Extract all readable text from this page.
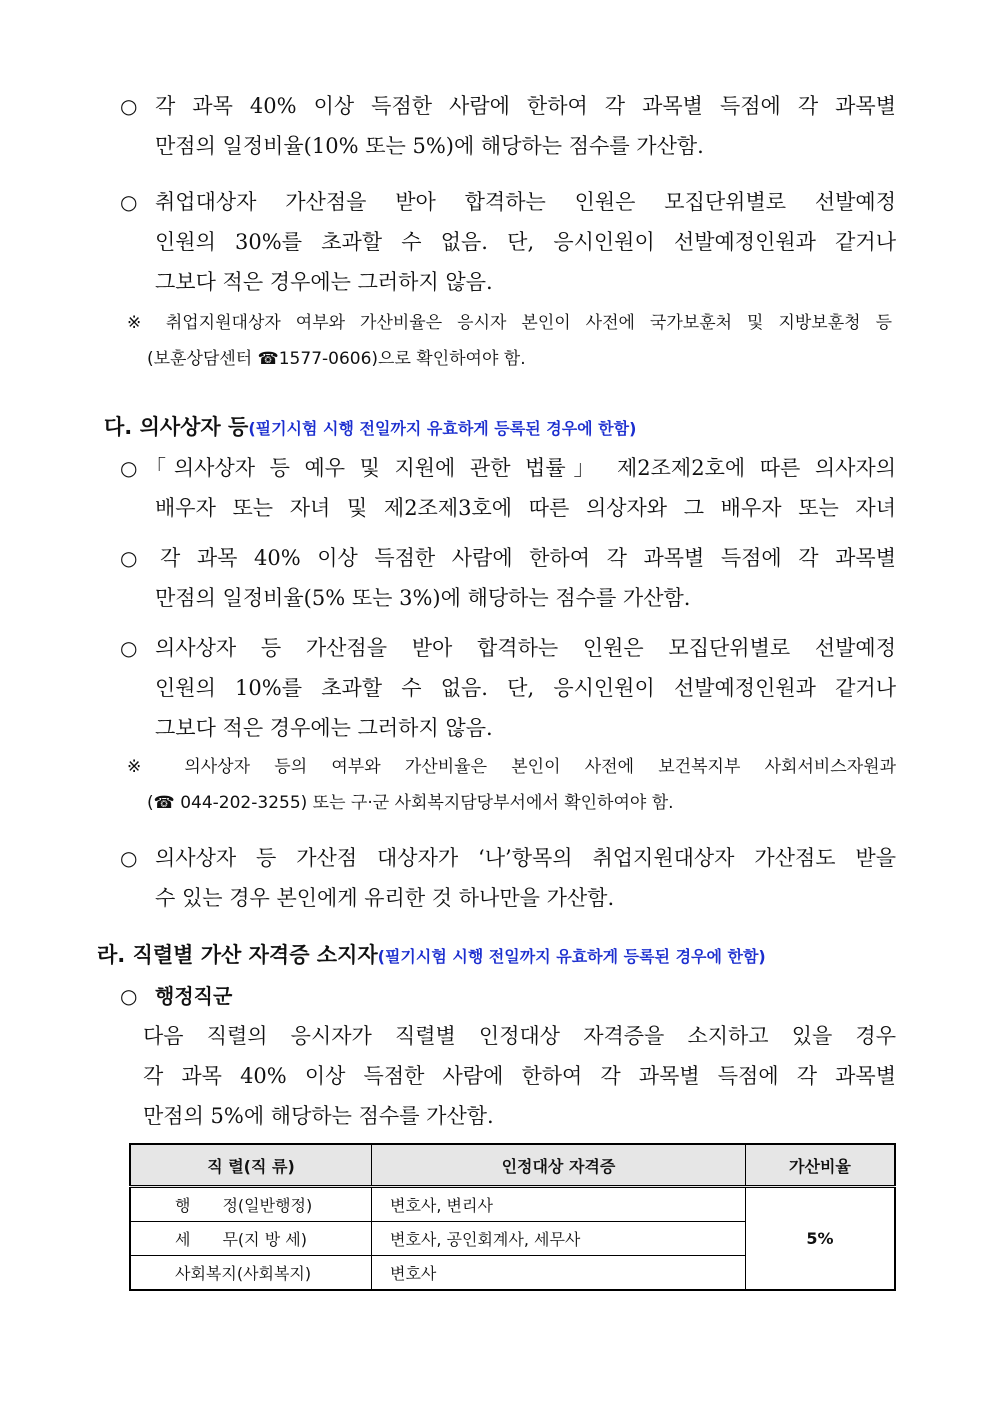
○ 각 과목 40% 이상 득점한 사람에 한하여 각 과목별 득점에 각 과목별
만점의 일정비율(10% 또는 5%)에 해당하는 점수를 가산함.
○ 취업대상자 가산점을 받아 합격하는 인원은 모집단위별로 선발예정
인원의 30%를 초과할 수 없음. 단, 응시인원이 선발예정인원과 같거나
그보다 적은 경우에는 그러하지 않음.
※ 취업지원대상자 여부와 가산비율은 응시자 본인이 사전에 국가보훈처 및 지방보훈청 등
(보훈상담센터 ☎1577-0606)으로 확인하여야 함.
다. 의사상자 등(필기시험 시행 전일까지 유효하게 등록된 경우에 한함)
○ 「의사상자 등 예우 및 지원에 관한 법률」 제2조제2호에 따른 의사자의
배우자 또는 자녀 및 제2조제3호에 따른 의상자와 그 배우자 또는 자녀
○ 각 과목 40% 이상 득점한 사람에 한하여 각 과목별 득점에 각 과목별
만점의 일정비율(5% 또는 3%)에 해당하는 점수를 가산함.
○ 의사상자 등 가산점을 받아 합격하는 인원은 모집단위별로 선발예정
인원의 10%를 초과할 수 없음. 단, 응시인원이 선발예정인원과 같거나
그보다 적은 경우에는 그러하지 않음.
※ 의사상자 등의 여부와 가산비율은 본인이 사전에 보건복지부 사회서비스자원과
(☎ 044-202-3255) 또는 구·군 사회복지담당부서에서 확인하여야 함.
○ 의사상자 등 가산점 대상자가 ‘나’항목의 취업지원대상자 가산점도 받을
수 있는 경우 본인에게 유리한 것 하나만을 가산함.
라. 직렬별 가산 자격증 소지자(필기시험 시행 전일까지 유효하게 등록된 경우에 한함)
○ 행정직군
다음 직렬의 응시자가 직렬별 인정대상 자격증을 소지하고 있을 경우
각 과목 40% 이상 득점한 사람에 한하여 각 과목별 득점에 각 과목별
만점의 5%에 해당하는 점수를 가산함.
직 렬(직 류)	인정대상 자격증	가산비율
행　　정(일반행정)	변호사, 변리사	5%
세　　무(지 방 세)	변호사, 공인회계사, 세무사	
사회복지(사회복지)	변호사	
